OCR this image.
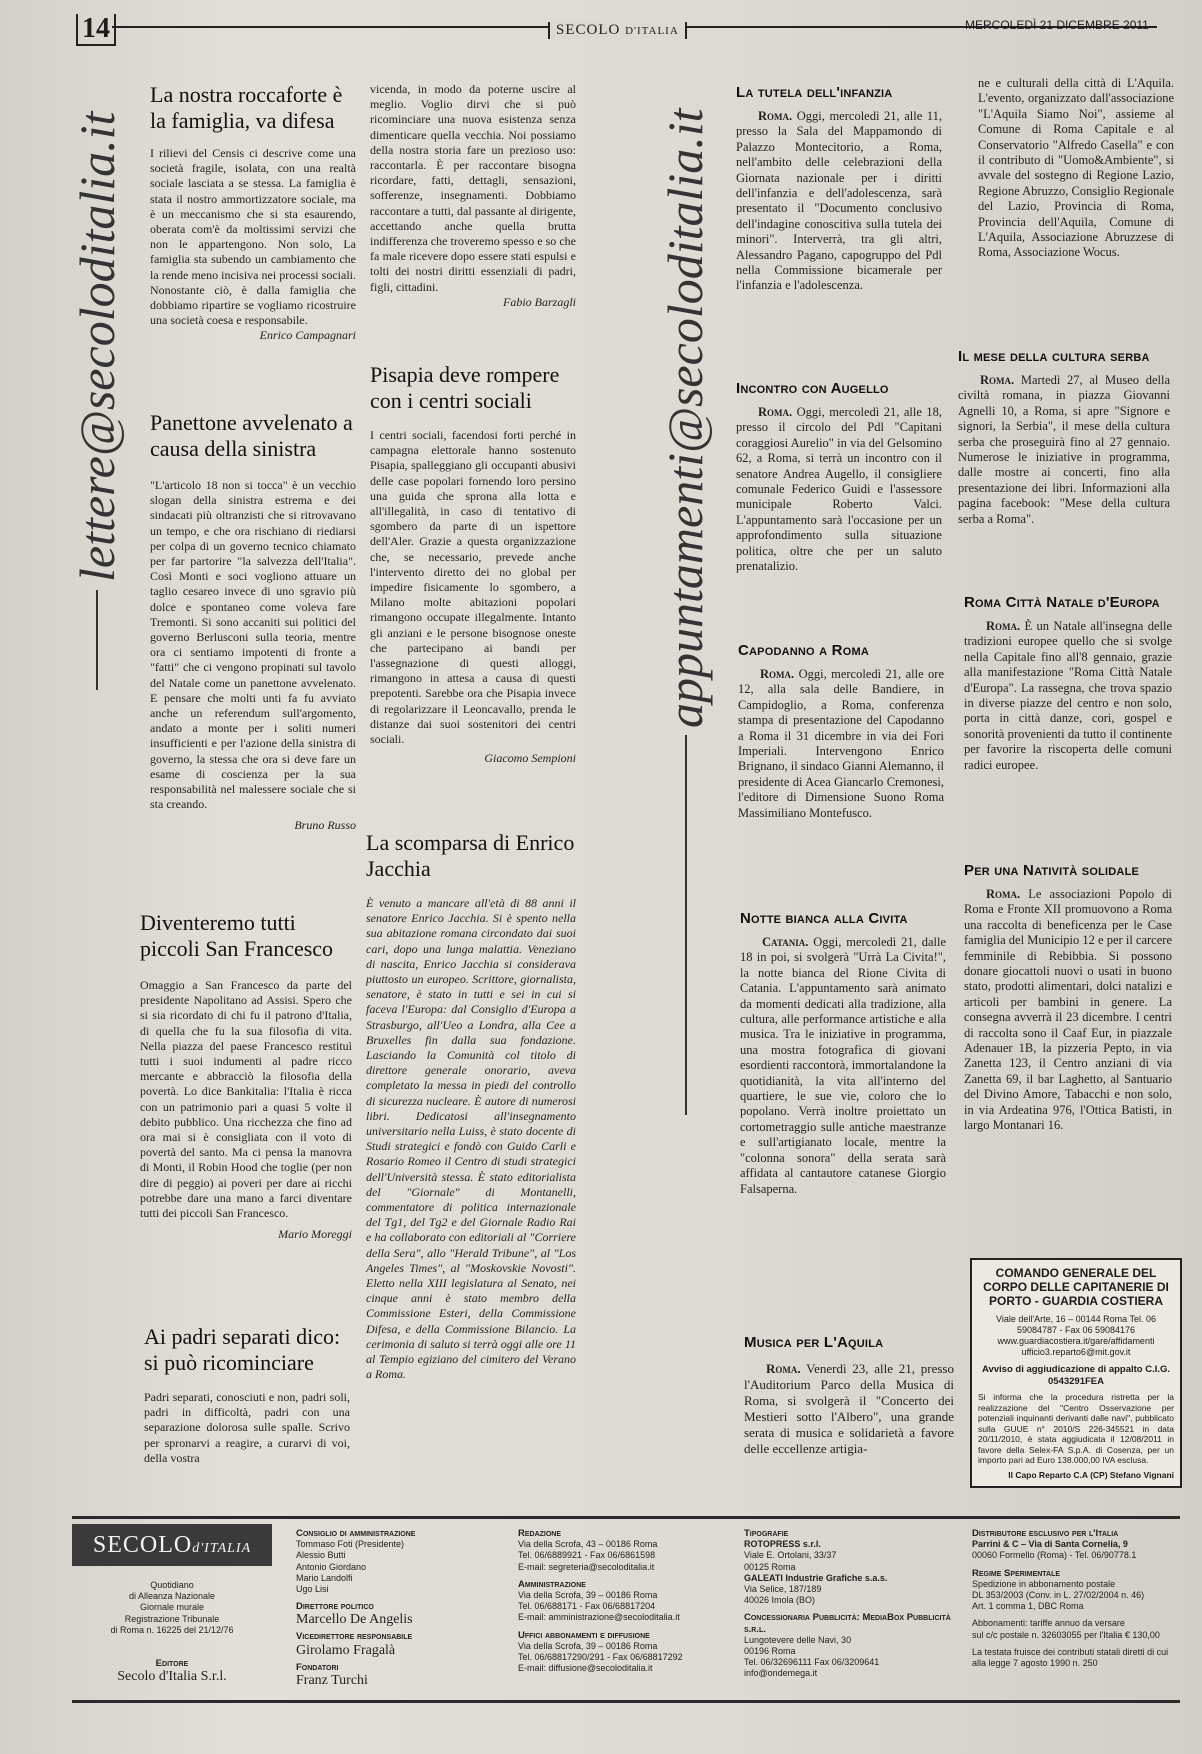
14	SECOLO D'ITALIA	MERCOLEDÌ 21 DICEMBRE 2011
lettere@secoloditalia.it	appuntamenti@secoloditalia.it
La nostra roccaforte è la famiglia, va difesa
I rilievi del Censis ci descrive come una società fragile, isolata, con una realtà sociale lasciata a se stessa. La famiglia è stata il nostro ammortizzatore sociale, ma è un meccanismo che si sta esaurendo, oberata com'è da moltissimi servizi che non le appartengono. Non solo, La famiglia sta subendo un cambiamento che la rende meno incisiva nei processi sociali. Nonostante ciò, è dalla famiglia che dobbiamo ripartire se vogliamo ricostruire una società coesa e responsabile.
Enrico Campagnari
Panettone avvelenato a causa della sinistra
"L'articolo 18 non si tocca" è un vecchio slogan della sinistra estrema e dei sindacati più oltranzisti che si ritrovavano un tempo, e che ora rischiano di riediarsi per colpa di un governo tecnico chiamato per far partorire "la salvezza dell'Italia". Così Monti e soci vogliono attuare un taglio cesareo invece di uno sgravio più dolce e spontaneo come voleva fare Tremonti. Si sono accaniti sui politici del governo Berlusconi sulla teoria, mentre ora ci sentiamo impotenti di fronte a "fatti" che ci vengono propinati sul tavolo del Natale come un panettone avvelenato. E pensare che molti unti fa fu avviato anche un referendum sull'argomento, andato a monte per i soliti numeri insufficienti e per l'azione della sinistra di governo, la stessa che ora si deve fare un esame di coscienza per la sua responsabilità nel malessere sociale che si sta creando.
Bruno Russo
Diventeremo tutti piccoli San Francesco
Omaggio a San Francesco da parte del presidente Napolitano ad Assisi. Spero che si sia ricordato di chi fu il patrono d'Italia, di quella che fu la sua filosofia di vita. Nella piazza del paese Francesco restituì tutti i suoi indumenti al padre ricco mercante e abbracciò la filosofia della povertà. Lo dice Bankitalia: l'Italia è ricca con un patrimonio pari a quasi 5 volte il debito pubblico. Una ricchezza che fino ad ora mai si è consigliata con il voto di povertà del santo. Ma ci pensa la manovra di Monti, il Robin Hood che toglie (per non dire di peggio) ai poveri per dare ai ricchi potrebbe dare una mano a farci diventare tutti dei piccoli San Francesco.
Mario Moreggi
Ai padri separati dico: si può ricominciare
Padri separati, conosciuti e non, padri soli, padri in difficoltà, padri con una separazione dolorosa sulle spalle. Scrivo per spronarvi a reagire, a curarvi di voi, della vostra
vicenda, in modo da poterne uscire al meglio. Voglio dirvi che si può ricominciare una nuova esistenza senza dimenticare quella vecchia. Noi possiamo della nostra storia fare un prezioso uso: raccontarla. È per raccontare bisogna ricordare, fatti, dettagli, sensazioni, sofferenze, insegnamenti. Dobbiamo raccontare a tutti, dal passante al dirigente, accettando anche quella brutta indifferenza che troveremo spesso e so che fa male ricevere dopo essere stati espulsi e tolti dei nostri diritti essenziali di padri, figli, cittadini.
Fabio Barzagli
Pisapia deve rompere con i centri sociali
I centri sociali, facendosi forti perché in campagna elettorale hanno sostenuto Pisapia, spalleggiano gli occupanti abusivi delle case popolari fornendo loro persino una guida che sprona alla lotta e all'illegalità, in caso di tentativo di sgombero da parte di un ispettore dell'Aler. Grazie a questa organizzazione che, se necessario, prevede anche l'intervento diretto dei no global per impedire fisicamente lo sgombero, a Milano molte abitazioni popolari rimangono occupate illegalmente. Intanto gli anziani e le persone bisognose oneste che partecipano ai bandi per l'assegnazione di questi alloggi, rimangono in attesa a causa di questi prepotenti. Sarebbe ora che Pisapia invece di regolarizzare il Leoncavallo, prenda le distanze dai suoi sostenitori dei centri sociali.
Giacomo Sempioni
La scomparsa di Enrico Jacchia
È venuto a mancare all'età di 88 anni il senatore Enrico Jacchia. Si è spento nella sua abitazione romana circondato dai suoi cari, dopo una lunga malattia. Veneziano di nascita, Enrico Jacchia si considerava piuttosto un europeo. Scrittore, giornalista, senatore, è stato in tutti e sei in cui si faceva l'Europa: dal Consiglio d'Europa a Strasburgo, all'Ueo a Londra, alla Cee a Bruxelles fin dalla sua fondazione. Lasciando la Comunità col titolo di direttore generale onorario, aveva completato la messa in piedi del controllo di sicurezza nucleare. È autore di numerosi libri. Dedicatosi all'insegnamento universitario nella Luiss, è stato docente di Studi strategici e fondò con Guido Carli e Rosario Romeo il Centro di studi strategici dell'Università stessa. È stato editorialista del "Giornale" di Montanelli, commentatore di politica internazionale del Tg1, del Tg2 e del Giornale Radio Rai e ha collaborato con editoriali al "Corriere della Sera", allo "Herald Tribune", al "Los Angeles Times", al "Moskovskie Novosti". Eletto nella XIII legislatura al Senato, nei cinque anni è stato membro della Commissione Esteri, della Commissione Difesa, e della Commissione Bilancio. La cerimonia di saluto si terrà oggi alle ore 11 al Tempio egiziano del cimitero del Verano a Roma.
La tutela dell'infanzia
Roma. Oggi, mercoledì 21, alle 11, presso la Sala del Mappamondo di Palazzo Montecitorio, a Roma, nell'ambito delle celebrazioni della Giornata nazionale per i diritti dell'infanzia e dell'adolescenza, sarà presentato il "Documento conclusivo dell'indagine conoscitiva sulla tutela dei minori". Interverrà, tra gli altri, Alessandro Pagano, capogruppo del Pdl nella Commissione bicamerale per l'infanzia e l'adolescenza.
Incontro con Augello
Roma. Oggi, mercoledì 21, alle 18, presso il circolo del Pdl "Capitani coraggiosi Aurelio" in via del Gelsomino 62, a Roma, si terrà un incontro con il senatore Andrea Augello, il consigliere comunale Federico Guidi e l'assessore municipale Roberto Valci. L'appuntamento sarà l'occasione per un approfondimento sulla situazione politica, oltre che per un saluto prenatalizio.
Capodanno a Roma
Roma. Oggi, mercoledì 21, alle ore 12, alla sala delle Bandiere, in Campidoglio, a Roma, conferenza stampa di presentazione del Capodanno a Roma il 31 dicembre in via dei Fori Imperiali. Intervengono Enrico Brignano, il sindaco Gianni Alemanno, il presidente di Acea Giancarlo Cremonesi, l'editore di Dimensione Suono Roma Massimiliano Montefusco.
Notte bianca alla Civita
Catania. Oggi, mercoledì 21, dalle 18 in poi, si svolgerà "Urrà La Civita!", la notte bianca del Rione Civita di Catania. L'appuntamento sarà animato da momenti dedicati alla tradizione, alla cultura, alle performance artistiche e alla musica. Tra le iniziative in programma, una mostra fotografica di giovani esordienti raccontorà, immortalandone la quotidianità, la vita all'interno del quartiere, le sue vie, coloro che lo popolano. Verrà inoltre proiettato un cortometraggio sulle antiche maestranze e sull'artigianato locale, mentre la "colonna sonora" della serata sarà affidata al cantautore catanese Giorgio Falsaperna.
Musica per L'Aquila
Roma. Venerdì 23, alle 21, presso l'Auditorium Parco della Musica di Roma, si svolgerà il "Concerto dei Mestieri sotto l'Albero", una grande serata di musica e solidarietà a favore delle eccellenze artigia-
ne e culturali della città di L'Aquila. L'evento, organizzato dall'associazione "L'Aquila Siamo Noi", assieme al Comune di Roma Capitale e al Conservatorio "Alfredo Casella" e con il contributo di "Uomo&Ambiente", si avvale del sostegno di Regione Lazio, Regione Abruzzo, Consiglio Regionale del Lazio, Provincia di Roma, Provincia dell'Aquila, Comune di L'Aquila, Associazione Abruzzese di Roma, Associazione Wocus.
Il mese della cultura serba
Roma. Martedì 27, al Museo della civiltà romana, in piazza Giovanni Agnelli 10, a Roma, si apre "Signore e signori, la Serbia", il mese della cultura serba che proseguirà fino al 27 gennaio. Numerose le iniziative in programma, dalle mostre ai concerti, fino alla presentazione dei libri. Informazioni alla pagina facebook: "Mese della cultura serba a Roma".
Roma Città Natale d'Europa
Roma. È un Natale all'insegna delle tradizioni europee quello che si svolge nella Capitale fino all'8 gennaio, grazie alla manifestazione "Roma Città Natale d'Europa". La rassegna, che trova spazio in diverse piazze del centro e non solo, porta in città danze, cori, gospel e sonorità provenienti da tutto il continente per favorire la riscoperta delle comuni radici europee.
Per una Natività solidale
Roma. Le associazioni Popolo di Roma e Fronte XII promuovono a Roma una raccolta di beneficenza per le Case famiglia del Municipio 12 e per il carcere femminile di Rebibbia. Si possono donare giocattoli nuovi o usati in buono stato, prodotti alimentari, dolci natalizi e articoli per bambini in genere. La consegna avverrà il 23 dicembre. I centri di raccolta sono il Caaf Eur, in piazzale Adenauer 1B, la pizzeria Pepto, in via Zanetta 123, il Centro anziani di via Zanetta 69, il bar Laghetto, al Santuario del Divino Amore, Tabacchi e non solo, in via Ardeatina 976, l'Ottica Batisti, in largo Montanari 16.
COMANDO GENERALE DEL CORPO DELLE CAPITANERIE DI PORTO - GUARDIA COSTIERA
Viale dell'Arte, 16 – 00144 Roma Tel. 06 59084787 - Fax 06 59084176 www.guardiacostiera.it/gare/affidamenti ufficio3.reparto6@mit.gov.it
Avviso di aggiudicazione di appalto C.I.G. 0543291FEA
Si informa che la procedura ristretta per la realizzazione del "Centro Osservazione per potenziali inquinanti derivanti dalle navi", pubblicato sulla GUUE n° 2010/S 226-345521 in data 20/11/2010, è stata aggiudicata il 12/08/2011 in favore della Selex-FA S.p.A. di Cosenza, per un importo pari ad Euro 138.000,00 IVA esclusa.
Il Capo Reparto C.A (CP) Stefano Vignani
SECOLOd'ITALIA
Quotidiano
di Alleanza Nazionale
Giornale murale
Registrazione Tribunale
di Roma n. 16225 del 21/12/76
Editore
Secolo d'Italia S.r.l.
Consiglio di amministrazione
Tommaso Foti (Presidente)
Alessio Butti
Antonio Giordano
Mario Landolfi
Ugo Lisi
Direttore politico
Marcello De Angelis
Vicedirettore responsabile
Girolamo Fragalà
Fondatori
Franz Turchi
Redazione
Via della Scrofa, 43 – 00186 Roma
Tel. 06/6889921 - Fax 06/6861598
E-mail: segreteria@secoloditalia.it
Amministrazione
Via della Scrofa, 39 – 00186 Roma
Tel. 06/688171 - Fax 06/68817204
E-mail: amministrazione@secoloditalia.it
Uffici abbonamenti e diffusione
Via della Scrofa, 39 – 00186 Roma
Tel. 06/68817290/291 - Fax 06/68817292
E-mail: diffusione@secoloditalia.it
Tipografie
ROTOPRESS s.r.l.
Viale E. Ortolani, 33/37
00125 Roma
GALEATI Industrie Grafiche s.a.s.
Via Selice, 187/189
40026 Imola (BO)
Concessionaria Pubblicità: MediaBox Pubblicità s.r.l.
Lungotevere delle Navi, 30
00196 Roma
Tel. 06/32696111 Fax 06/3209641
info@ondemega.it
Distributore esclusivo per l'Italia
Parrini & C – Via di Santa Cornelia, 9
00060 Formello (Roma) - Tel. 06/90778.1
Regime Sperimentale
Spedizione in abbonamento postale
DL 353/2003 (Conv. in L. 27/02/2004 n. 46)
Art. 1 comma 1, DBC Roma
Abbonamenti: tariffe annuo da versare
sul c/c postale n. 32603055 per l'Italia € 130,00
La testata fruisce dei contributi statali diretti di cui alla legge 7 agosto 1990 n. 250
